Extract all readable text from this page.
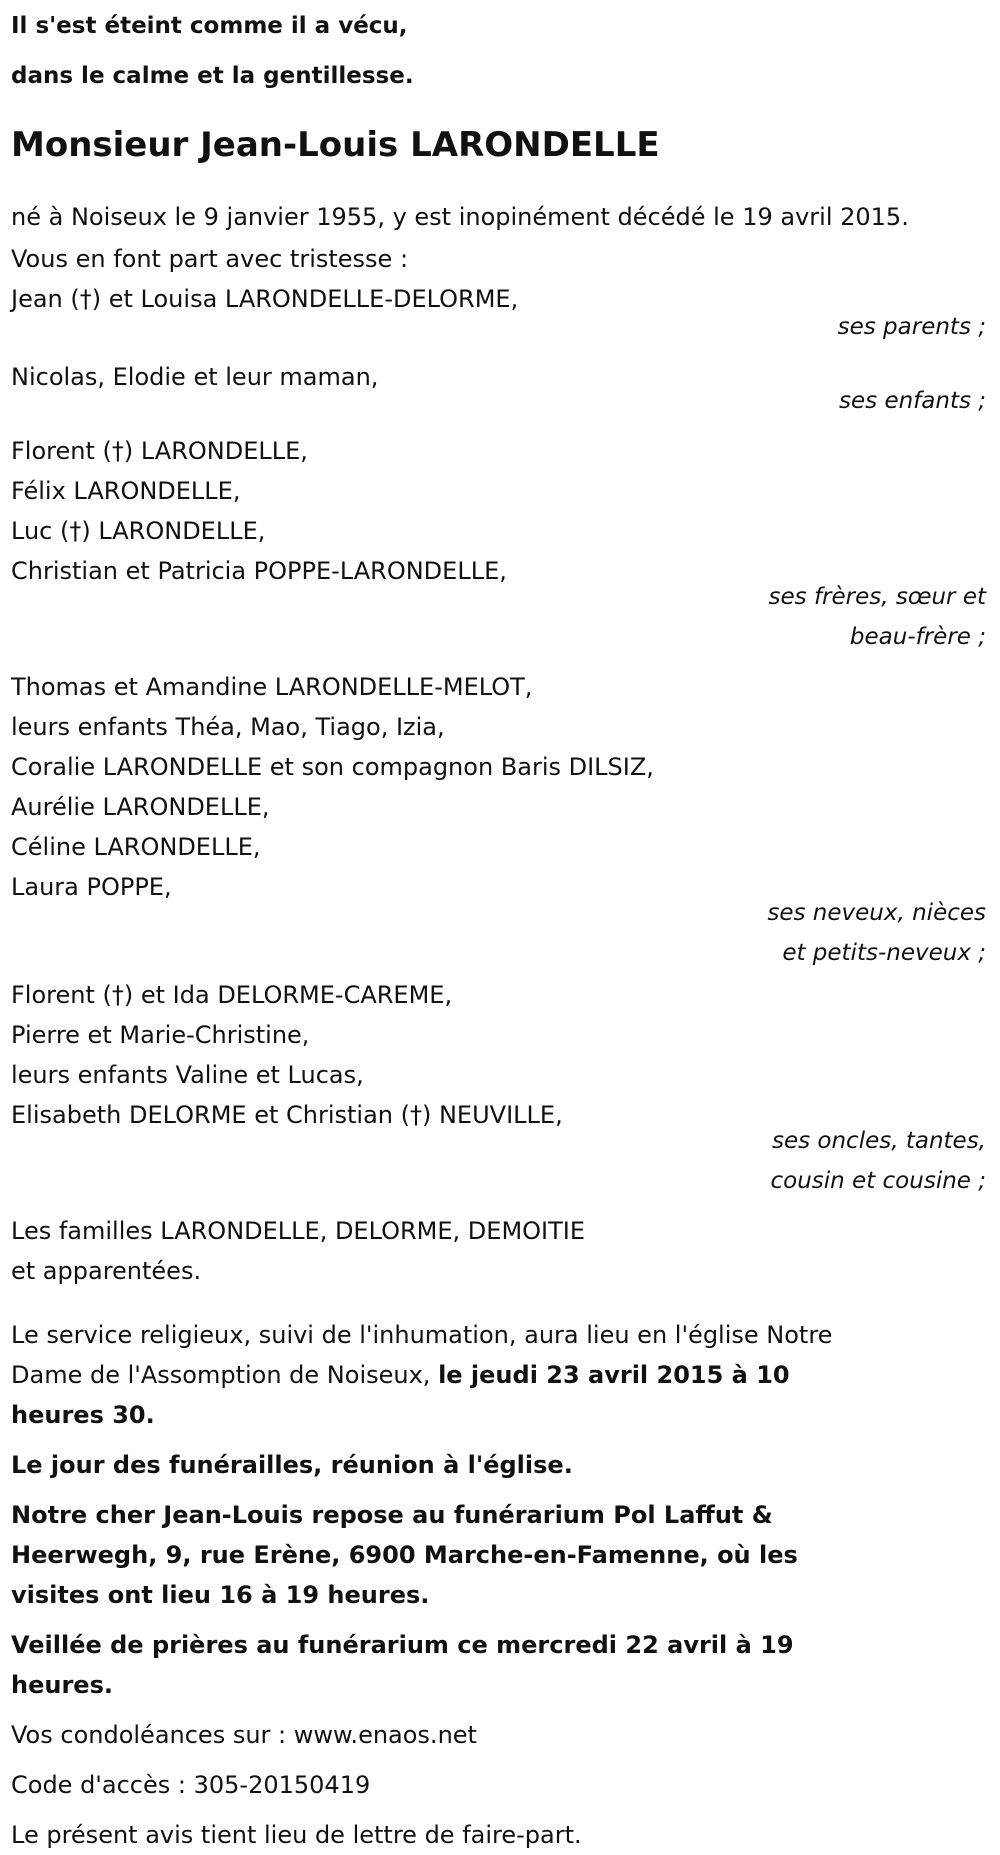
Il s'est éteint comme il a vécu,
dans le calme et la gentillesse.
Monsieur Jean-Louis LARONDELLE
né à Noiseux le 9 janvier 1955, y est inopinément décédé le 19 avril 2015.
Vous en font part avec tristesse :
Jean (†) et Louisa LARONDELLE-DELORME,
ses parents ;
Nicolas, Elodie et leur maman,
ses enfants ;
Florent (†) LARONDELLE,
Félix LARONDELLE,
Luc (†) LARONDELLE,
Christian et Patricia POPPE-LARONDELLE,
ses frères, sœur et
beau-frère ;
Thomas et Amandine LARONDELLE-MELOT,
leurs enfants Théa, Mao, Tiago, Izia,
Coralie LARONDELLE et son compagnon Baris DILSIZ,
Aurélie LARONDELLE,
Céline LARONDELLE,
Laura POPPE,
ses neveux, nièces
et petits-neveux ;
Florent (†) et Ida DELORME-CAREME,
Pierre et Marie-Christine,
leurs enfants Valine et Lucas,
Elisabeth DELORME et Christian (†) NEUVILLE,
ses oncles, tantes,
cousin et cousine ;
Les familles LARONDELLE, DELORME, DEMOITIE
et apparentées.
Le service religieux, suivi de l'inhumation, aura lieu en l'église Notre Dame de l'Assomption de Noiseux, le jeudi 23 avril 2015 à 10 heures 30.
Le jour des funérailles, réunion à l'église.
Notre cher Jean-Louis repose au funérarium Pol Laffut & Heerwegh, 9, rue Erène, 6900 Marche-en-Famenne, où les visites ont lieu 16 à 19 heures.
Veillée de prières au funérarium ce mercredi 22 avril à 19 heures.
Vos condoléances sur : www.enaos.net
Code d'accès : 305-20150419
Le présent avis tient lieu de lettre de faire-part.
